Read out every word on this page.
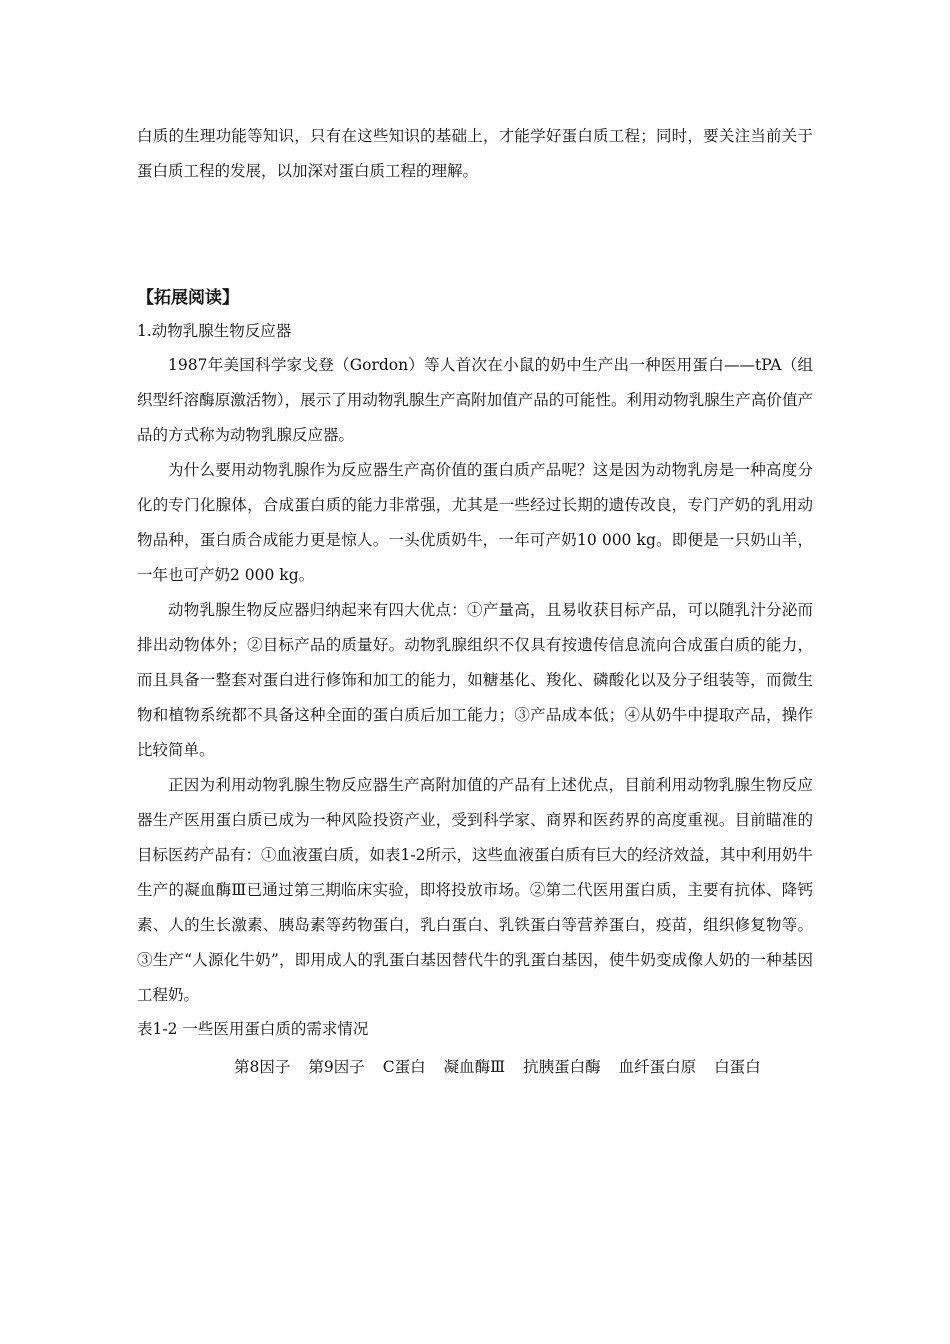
白质的生理功能等知识，只有在这些知识的基础上，才能学好蛋白质工程；同时，要关注当前关于蛋白质工程的发展，以加深对蛋白质工程的理解。

【拓展阅读】

1.动物乳腺生物反应器

1987年美国科学家戈登（Gordon）等人首次在小鼠的奶中生产出一种医用蛋白——tPA（组织型纤溶酶原激活物），展示了用动物乳腺生产高附加值产品的可能性。利用动物乳腺生产高价值产品的方式称为动物乳腺反应器。

为什么要用动物乳腺作为反应器生产高价值的蛋白质产品呢？这是因为动物乳房是一种高度分化的专门化腺体，合成蛋白质的能力非常强，尤其是一些经过长期的遗传改良，专门产奶的乳用动物品种，蛋白质合成能力更是惊人。一头优质奶牛，一年可产奶10 000 kg。即便是一只奶山羊，一年也可产奶2 000 kg。

动物乳腺生物反应器归纳起来有四大优点：①产量高，且易收获目标产品，可以随乳汁分泌而排出动物体外；②目标产品的质量好。动物乳腺组织不仅具有按遗传信息流向合成蛋白质的能力，而且具备一整套对蛋白进行修饰和加工的能力，如糖基化、羧化、磷酸化以及分子组装等，而微生物和植物系统都不具备这种全面的蛋白质后加工能力；③产品成本低；④从奶牛中提取产品，操作比较简单。

正因为利用动物乳腺生物反应器生产高附加值的产品有上述优点，目前利用动物乳腺生物反应器生产医用蛋白质已成为一种风险投资产业，受到科学家、商界和医药界的高度重视。目前瞄准的目标医药产品有：①血液蛋白质，如表1-2所示，这些血液蛋白质有巨大的经济效益，其中利用奶牛生产的凝血酶Ⅲ已通过第三期临床实验，即将投放市场。②第二代医用蛋白质，主要有抗体、降钙素、人的生长激素、胰岛素等药物蛋白，乳白蛋白、乳铁蛋白等营养蛋白，疫苗，组织修复物等。③生产“人源化牛奶”，即用成人的乳蛋白基因替代牛的乳蛋白基因，使牛奶变成像人奶的一种基因工程奶。

表1-2 一些医用蛋白质的需求情况

第8因子 第9因子 C蛋白 凝血酶Ⅲ 抗胰蛋白酶 血纤蛋白原 白蛋白
